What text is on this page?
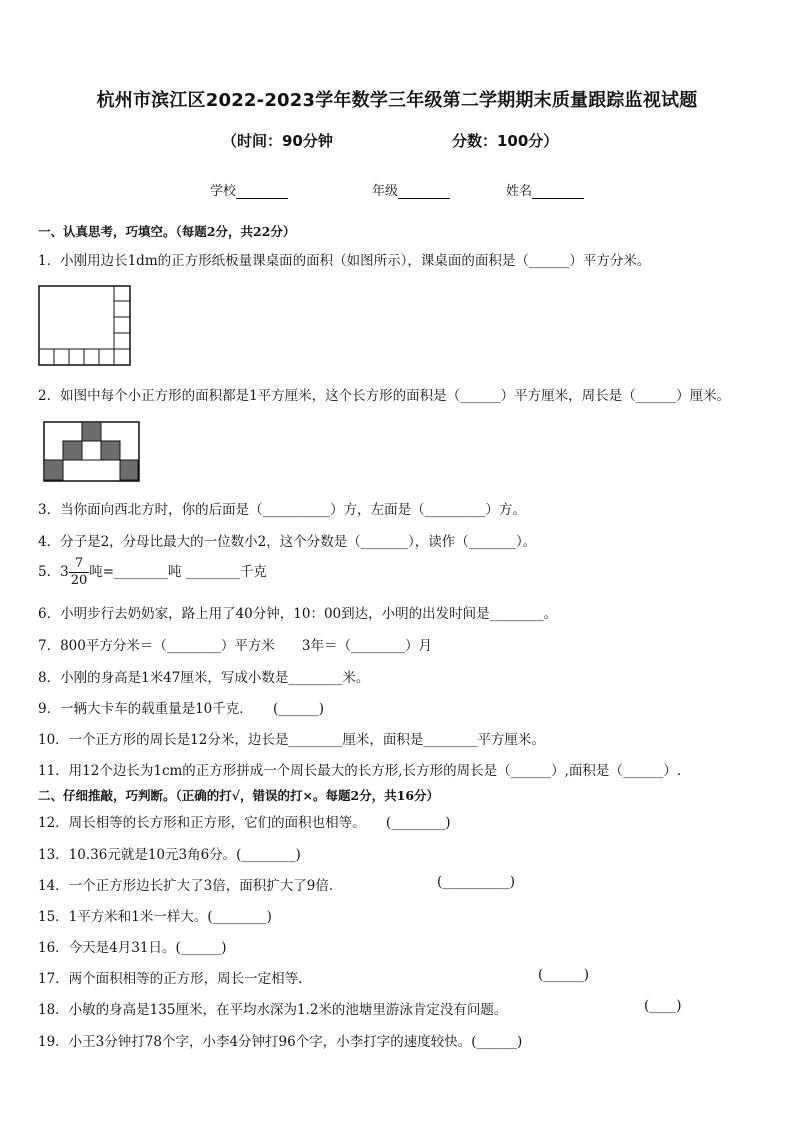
杭州市滨江区2022-2023学年数学三年级第二学期期末质量跟踪监视试题
（时间：90分钟	分数：100分）
学校	年级	姓名
一、认真思考，巧填空。（每题2分，共22分）
1．小刚用边长1dm的正方形纸板量课桌面的面积（如图所示），课桌面的面积是（______）平方分米。
2．如图中每个小正方形的面积都是1平方厘米，这个长方形的面积是（______）平方厘米，周长是（______）厘米。
3．当你面向西北方时，你的后面是（__________）方，左面是（_________）方。
4．分子是2，分母比最大的一位数小2，这个分数是（_______），读作（_______）。
5．$3 \frac{7}{20}$ 吨=________吨 ________千克
6．小明步行去奶奶家，路上用了40分钟，10：00到达，小明的出发时间是________。
7．800平方分米＝（________）平方米　　3年＝（________）月
8．小刚的身高是1米47厘米，写成小数是________米。
9．一辆大卡车的载重量是10千克．　　(______)
10．一个正方形的周长是12分米，边长是________厘米，面积是________平方厘米。
11．用12个边长为1cm的正方形拼成一个周长最大的长方形,长方形的周长是（______）,面积是（______）.
二、仔细推敲，巧判断。（正确的打√，错误的打×。每题2分，共16分）
12．周长相等的长方形和正方形，它们的面积也相等。　　(________)
13．10.36元就是10元3角6分。(________)
14．一个正方形边长扩大了3倍，面积扩大了9倍．	(__________)
15．1平方米和1米一样大。(________)
16．今天是4月31日。(______)
17．两个面积相等的正方形，周长一定相等.	(______)
18．小敏的身高是135厘米，在平均水深为1.2米的池塘里游泳肯定没有问题。	(____)
19．小王3分钟打78个字，小李4分钟打96个字，小李打字的速度较快。(______)
